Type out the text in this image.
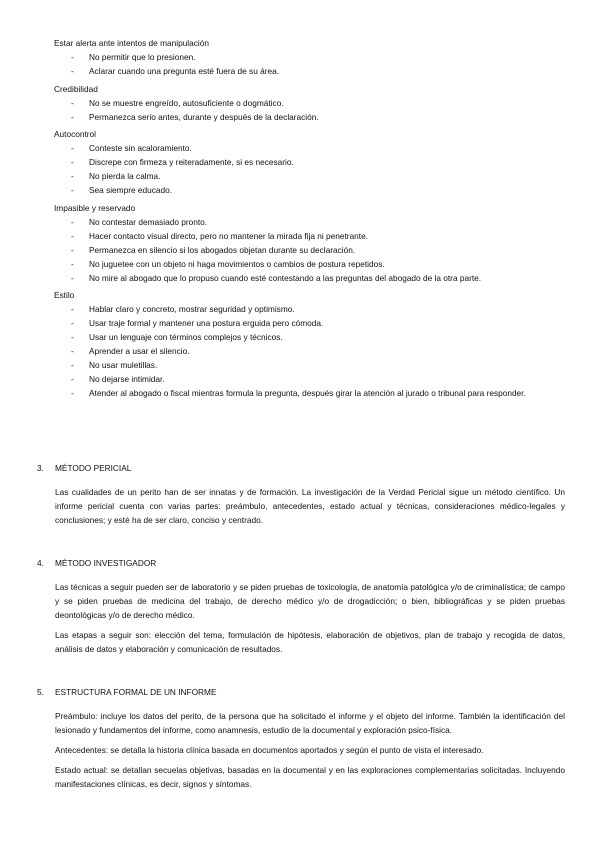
Estar alerta ante intentos de manipulación

- No permitir que lo presionen.
- Aclarar cuando una pregunta esté fuera de su área.

Credibilidad

- No se muestre engreído, autosuficiente o dogmático.
- Permanezca serio antes, durante y después de la declaración.

Autocontrol

- Conteste sin acaloramiento.
- Discrepe con firmeza y reiteradamente, si es necesario.
- No pierda la calma.
- Sea siempre educado.

Impasible y reservado

- No contestar demasiado pronto.
- Hacer contacto visual directo, pero no mantener la mirada fija ni penetrante.
- Permanezca en silencio si los abogados objetan durante su declaración.
- No juguetee con un objeto ni haga movimientos o cambios de postura repetidos.
- No mire al abogado que lo propuso cuando esté contestando a las preguntas del abogado de la otra parte.

Estilo

- Hablar claro y concreto, mostrar seguridad y optimismo.
- Usar traje formal y mantener una postura erguida pero cómoda.
- Usar un lenguaje con términos complejos y técnicos.
- Aprender a usar el silencio.
- No usar muletillas.
- No dejarse intimidar.
- Atender al abogado o fiscal mientras formula la pregunta, después girar la atención al jurado o tribunal para responder.
3.	MÉTODO PERICIAL

Las cualidades de un perito han de ser innatas y de formación. La investigación de la Verdad Pericial sigue un método científico. Un informe pericial cuenta con varias partes: preámbulo, antecedentes, estado actual y técnicas, consideraciones médico-legales y conclusiones; y esté ha de ser claro, conciso y centrado.

4.	MÉTODO INVESTIGADOR

Las técnicas a seguir pueden ser de laboratorio y se piden pruebas de toxicología, de anatomía patológica y/o de criminalística; de campo y se piden pruebas de medicina del trabajo, de derecho médico y/o de drogadicción; o bien, bibliográficas y se piden pruebas deontológicas y/o de derecho médico.

Las etapas a seguir son: elección del tema, formulación de hipótesis, elaboración de objetivos, plan de trabajo y recogida de datos, análisis de datos y elaboración y comunicación de resultados.

5.	ESTRUCTURA FORMAL DE UN INFORME

Preámbulo: incluye los datos del perito, de la persona que ha solicitado el informe y el objeto del informe. También la identificación del lesionado y fundamentos del informe, como anamnesis, estudio de la documental y exploración psico-física.

Antecedentes: se detalla la historia clínica basada en documentos aportados y según el punto de vista el interesado.

Estado actual: se detallan secuelas objetivas, basadas en la documental y en las exploraciones complementarias solicitadas. Incluyendo manifestaciones clínicas, es decir, signos y síntomas.
